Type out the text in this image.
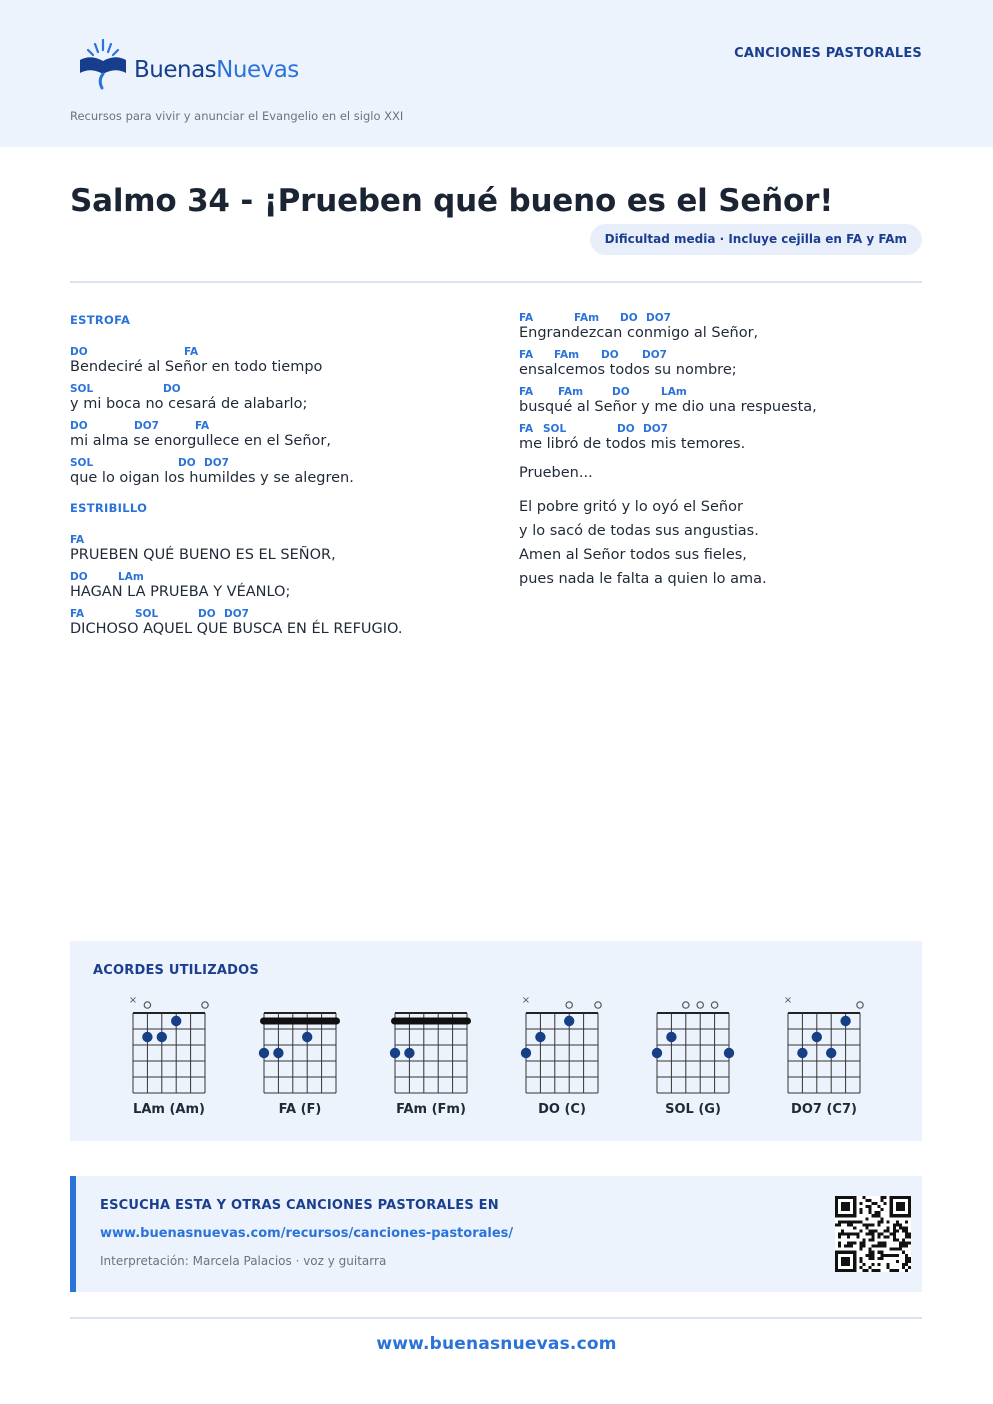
BuenasNuevas
CANCIONES PASTORALES
Recursos para vivir y anunciar el Evangelio en el siglo XXI
Salmo 34 - ¡Prueben qué bueno es el Señor!
Dificultad media · Incluye cejilla en FA y FAm
ESTROFA
DO	FA
Bendeciré al Señor en todo tiempo
SOL	DO
y mi boca no cesará de alabarlo;
DO	DO7	FA
mi alma se enorgullece en el Señor,
SOL	DO DO7
que lo oigan los humildes y se alegren.
ESTRIBILLO
FA
PRUEBEN QUÉ BUENO ES EL SEÑOR,
DO	LAm
HAGAN LA PRUEBA Y VÉANLO;
FA	SOL	DO DO7
DICHOSO AQUEL QUE BUSCA EN ÉL REFUGIO.
FA	FAm DO DO7
Engrandezcan conmigo al Señor,
FA FAm DO DO7
ensalcemos todos su nombre;
FA FAm	DO	LAm
busqué al Señor y me dio una respuesta,
FA SOL	DO DO7
me libró de todos mis temores.
Prueben...
El pobre gritó y lo oyó el Señor
y lo sacó de todas sus angustias.
Amen al Señor todos sus fieles,
pues nada le falta a quien lo ama.
ACORDES UTILIZADOS
×
LAm (Am)	FA (F)	FAm (Fm)
×
DO (C)	SOL (G)
×
DO7 (C7)
ESCUCHA ESTA Y OTRAS CANCIONES PASTORALES EN
www.buenasnuevas.com/recursos/canciones-pastorales/
Interpretación: Marcela Palacios · voz y guitarra
www.buenasnuevas.com
